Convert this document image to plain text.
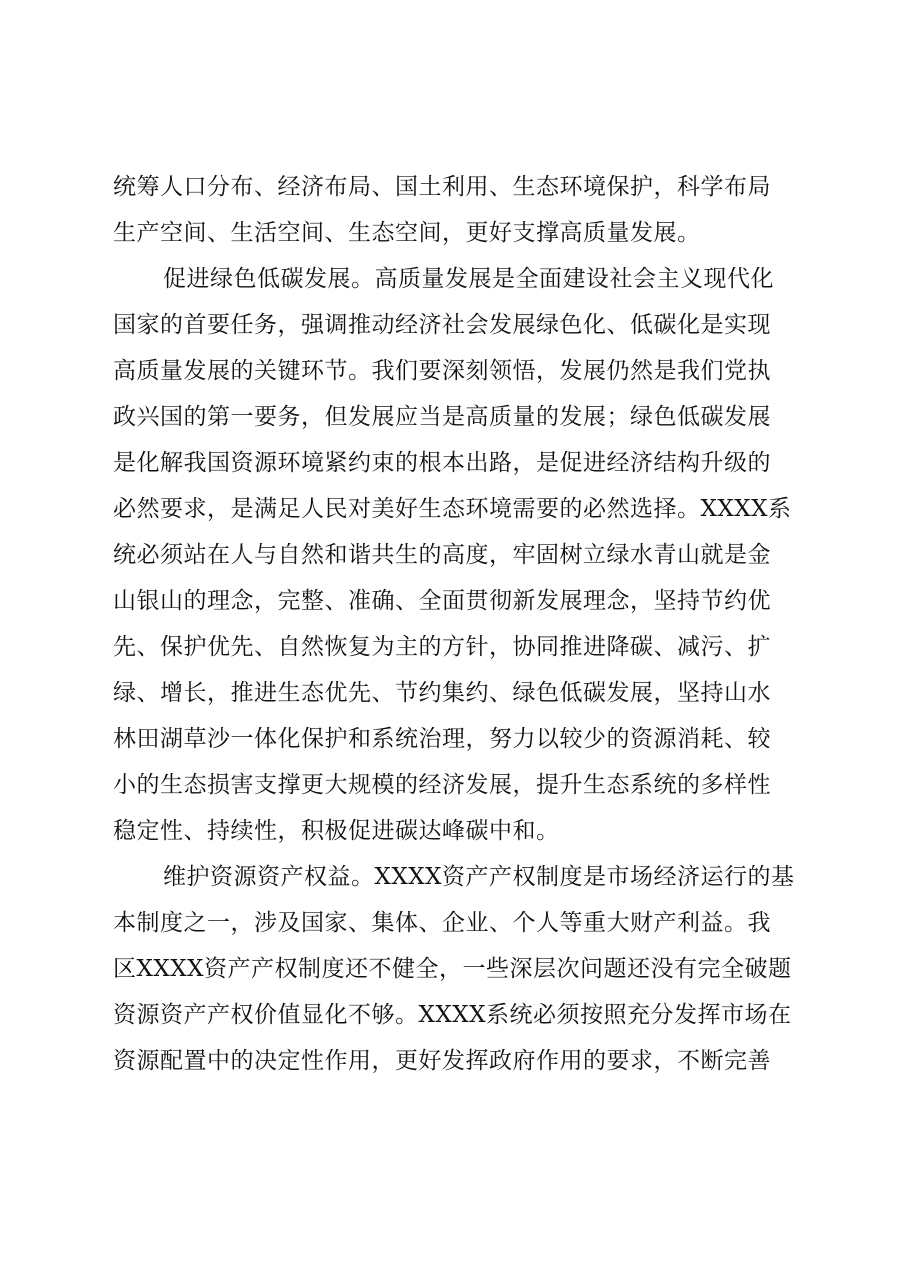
统筹人口分布、经济布局、国土利用、生态环境保护，科学布局
生产空间、生活空间、生态空间，更好支撑高质量发展。
促进绿色低碳发展。高质量发展是全面建设社会主义现代化
国家的首要任务，强调推动经济社会发展绿色化、低碳化是实现
高质量发展的关键环节。我们要深刻领悟，发展仍然是我们党执
政兴国的第一要务，但发展应当是高质量的发展；绿色低碳发展
是化解我国资源环境紧约束的根本出路，是促进经济结构升级的
必然要求，是满足人民对美好生态环境需要的必然选择。XXXX系
统必须站在人与自然和谐共生的高度，牢固树立绿水青山就是金
山银山的理念，完整、准确、全面贯彻新发展理念，坚持节约优
先、保护优先、自然恢复为主的方针，协同推进降碳、减污、扩
绿、增长，推进生态优先、节约集约、绿色低碳发展，坚持山水
林田湖草沙一体化保护和系统治理，努力以较少的资源消耗、较
小的生态损害支撑更大规模的经济发展，提升生态系统的多样性
稳定性、持续性，积极促进碳达峰碳中和。
维护资源资产权益。XXXX资产产权制度是市场经济运行的基
本制度之一，涉及国家、集体、企业、个人等重大财产利益。我
区XXXX资产产权制度还不健全，一些深层次问题还没有完全破题
资源资产产权价值显化不够。XXXX系统必须按照充分发挥市场在
资源配置中的决定性作用，更好发挥政府作用的要求，不断完善
